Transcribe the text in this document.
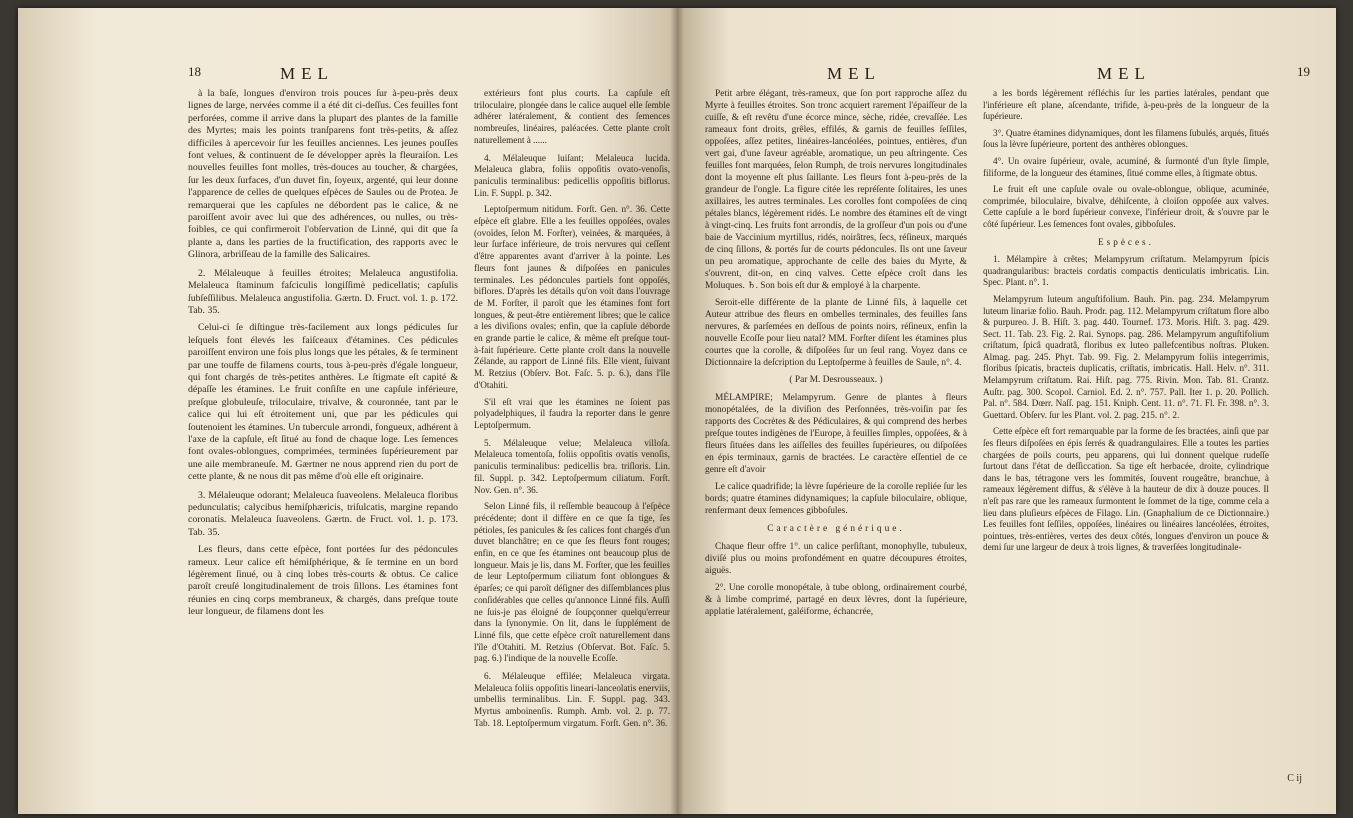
18	MEL

à la baſe, longues d'environ trois pouces ſur à-peu-près deux lignes de large, nervées comme il a été dit ci-deſſus. Ces feuilles font perforées, comme il arrive dans la plupart des plantes de la famille des Myrtes; mais les points tranſparens font très-petits, & aſſez difficiles à apercevoir ſur les feuilles anciennes. Les jeunes pouſſes font velues, & continuent de ſe développer après la fleuraiſon. Les nouvelles feuilles font molles, très-douces au toucher, & chargées, ſur les deux ſurfaces, d'un duvet fin, ſoyeux, argenté, qui leur donne l'apparence de celles de quelques eſpèces de Saules ou de Protea. Je remarquerai que les capſules ne débordent pas le calice, & ne paroiſſent avoir avec lui que des adhérences, ou nulles, ou très-foibles, ce qui confirmeroit l'obſervation de Linné, qui dit que ſa plante a, dans les parties de la fructification, des rapports avec le Glinora, arbriſſeau de la famille des Salicaires.

2. Mélaleuque à feuilles étroites; Melaleuca angustifolia. Melaleuca ſtaminum faſciculis longiſſimè pedicellatis; capſulis ſubſeſſilibus. Melaleuca angustifolia. Gærtn. D. Fruct. vol. 1. p. 172. Tab. 35.

Celui-ci ſe diſtingue très-facilement aux longs pédicules ſur leſquels font élevés les faiſceaux d'étamines. Ces pédicules paroiſſent environ une fois plus longs que les pétales, & ſe terminent par une touffe de filamens courts, tous à-peu-près d'égale longueur, qui font chargés de très-petites anthères. Le ſtigmate eſt capité & dépaſſe les étamines. Le fruit conſiſte en une capſule inférieure, preſque globuleuſe, triloculaire, trivalve, & couronnée, tant par le calice qui lui eſt étroitement uni, que par les pédicules qui ſoutenoient les étamines. Un tubercule arrondi, fongueux, adhérent à l'axe de la capſule, eſt ſitué au fond de chaque loge. Les ſemences font ovales-oblongues, comprimées, terminées ſupérieurement par une aile membraneuſe. M. Gærtner ne nous apprend rien du port de cette plante, & ne nous dit pas même d'où elle eſt originaire.

3. Mélaleuque odorant; Melaleuca ſuaveolens. Melaleuca floribus pedunculatis; calycibus hemiſphæricis, triſulcatis, margine repando coronatis. Melaleuca ſuaveolens. Gærtn. de Fruct. vol. 1. p. 173. Tab. 35.

Les fleurs, dans cette eſpèce, font portées ſur des pédoncules rameux. Leur calice eſt hémiſphérique, & ſe termine en un bord légèrement ſinué, ou à cinq lobes très-courts & obtus. Ce calice paroît creuſé longitudinalement de trois ſillons. Les étamines font réunies en cinq corps membraneux, & chargés, dans preſque toute leur longueur, de filamens dont les

extérieurs font plus courts. La capſule eſt triloculaire, plongée dans le calice auquel elle ſemble adhérer latéralement, & contient des ſemences nombreuſes, linéaires, paléacées. Cette plante croît naturellement à ......

4. Mélaleuque luiſant; Melaleuca lucida. Melaleuca glabra, foliis oppoſitis ovato-venoſis, paniculis terminalibus: pedicellis oppoſitis biflorus. Lin. F. Suppl. p. 342.

Leptoſpermum nitidum. Forſt. Gen. n°. 36. Cette eſpèce eſt glabre. Elle a les feuilles oppoſées, ovales (ovoïdes, ſelon M. Forſter), veinées, & marquées, à leur ſurface inférieure, de trois nervures qui ceſſent d'être apparentes avant d'arriver à la pointe. Les fleurs font jaunes & diſpoſées en panicules terminales. Les pédoncules partiels font oppoſés, biflores. D'après les détails qu'on voit dans l'ouvrage de M. Forſter, il paroît que les étamines font fort longues, & peut-être entièrement libres; que le calice a les diviſions ovales; enfin, que la capſule déborde en grande partie le calice, & même eſt preſque tout-à-fait ſupérieure. Cette plante croît dans la nouvelle Zélande, au rapport de Linné fils. Elle vient, ſuivant M. Retzius (Obſerv. Bot. Faſc. 5. p. 6.), dans l'île d'Otahiti.

S'il eſt vrai que les étamines ne ſoient pas polyadelphiques, il faudra la reporter dans le genre Leptoſpermum.

5. Mélaleuque velue; Melaleuca villoſa. Melaleuca tomentoſa, foliis oppoſitis ovatis venoſis, paniculis terminalibus: pedicellis bra. triſloris. Lin. fil. Suppl. p. 342. Leptoſpermum ciliatum. Forſt. Nov. Gen. n°. 36.

Selon Linné fils, il reſſemble beaucoup à l'eſpèce précédente; dont il diffère en ce que ſa tige, ſes pétioles, ſes panicules & ſes calices font chargés d'un duvet blanchâtre; en ce que ſes fleurs font rouges; enfin, en ce que ſes étamines ont beaucoup plus de longueur. Mais je lis, dans M. Forſter, que les feuilles de leur Leptoſpermum ciliatum font oblongues & éparſes; ce qui paroît déſigner des diſſemblances plus conſidérables que celles qu'annonce Linné fils. Auſſi ne ſuis-je pas éloigné de ſoupçonner quelqu'erreur dans la ſynonymie. On lit, dans le ſupplément de Linné fils, que cette eſpèce croît naturellement dans l'île d'Otahiti. M. Retzius (Obſervat. Bot. Faſc. 5. pag. 6.) l'indique de la nouvelle Ecoſſe.

6. Mélaleuque effilée; Melaleuca virgata. Melaleuca foliis oppoſitis lineari-lanceolatis enerviis, umbellis terminalibus. Lin. F. Suppl. pag. 343. Myrtus amboinenſis. Rumph. Amb. vol. 2. p. 77. Tab. 18. Leptoſpermum virgatum. Forſt. Gen. n°. 36.

MEL	MEL	19

Petit arbre élégant, très-rameux, que ſon port rapproche aſſez du Myrte à feuilles étroites. Son tronc acquiert rarement l'épaiſſeur de la cuiſſe, & eſt revêtu d'une écorce mince, sèche, ridée, crevaſſée. Les rameaux font droits, grêles, effilés, & garnis de feuilles ſeſſiles, oppoſées, aſſez petites, linéaires-lancéolées, pointues, entières, d'un vert gai, d'une ſaveur agréable, aromatique, un peu aſtringente. Ces feuilles font marquées, ſelon Rumph, de trois nervures longitudinales dont la moyenne eſt plus ſaillante. Les fleurs font à-peu-près de la grandeur de l'ongle. La figure citée les repréſente ſolitaires, les unes axillaires, les autres terminales. Les corolles font compoſées de cinq pétales blancs, légèrement ridés. Le nombre des étamines eſt de vingt à vingt-cinq. Les fruits font arrondis, de la groſſeur d'un pois ou d'une baie de Vaccinium myrtillus, ridés, noirâtres, ſecs, réſineux, marqués de cinq ſillons, & portés ſur de courts pédoncules. Ils ont une ſaveur un peu aromatique, approchante de celle des baies du Myrte, & s'ouvrent, dit-on, en cinq valves. Cette eſpèce croît dans les Moluques. ♄. Son bois eſt dur & employé à la charpente.

Seroit-elle différente de la plante de Linné fils, à laquelle cet Auteur attribue des fleurs en ombelles terminales, des feuilles ſans nervures, & parſemées en deſſous de points noirs, réſineux, enfin la nouvelle Ecoſſe pour lieu natal? MM. Forſter diſent les étamines plus courtes que la corolle, & diſpoſées ſur un ſeul rang. Voyez dans ce Dictionnaire la deſcription du Leptoſperme à feuilles de Saule, n°. 4.

( Par M. Desrousseaux. )

MÉLAMPIRE; Melampyrum. Genre de plantes à fleurs monopétalées, de la diviſion des Perſonnées, très-voiſin par ſes rapports des Cocrètes & des Pédiculaires, & qui comprend des herbes preſque toutes indigènes de l'Europe, à feuilles ſimples, oppoſées, & à fleurs ſituées dans les aiſſelles des feuilles ſupérieures, ou diſpoſées en épis terminaux, garnis de bractées. Le caractère eſſentiel de ce genre eſt d'avoir

Le calice quadrifide; la lèvre ſupérieure de la corolle repliée ſur les bords; quatre étamines didynamiques; la capſule biloculaire, oblique, renfermant deux ſemences gibboſules.

Caractère générique.

Chaque fleur offre 1°. un calice perſiſtant, monophylle, tubuleux, diviſé plus ou moins profondément en quatre découpures étroites, aiguës.

2°. Une corolle monopétale, à tube oblong, ordinairement courbé, & à limbe comprimé, partagé en deux lèvres, dont la ſupérieure, applatie latéralement, galéiforme, échancrée,

a les bords légèrement réfléchis ſur les parties latérales, pendant que l'inférieure eſt plane, aſcendante, trifide, à-peu-près de la longueur de la ſupérieure.

3°. Quatre étamines didynamiques, dont les filamens ſubulés, arqués, ſitués ſous la lèvre ſupérieure, portent des anthères oblongues.

4°. Un ovaire ſupérieur, ovale, acuminé, & ſurmonté d'un ſtyle ſimple, filiforme, de la longueur des étamines, ſitué comme elles, à ſtigmate obtus.

Le fruit eſt une capſule ovale ou ovale-oblongue, oblique, acuminée, comprimée, biloculaire, bivalve, déhiſcente, à cloiſon oppoſée aux valves. Cette capſule a le bord ſupérieur convexe, l'inférieur droit, & s'ouvre par le côté ſupérieur. Les ſemences font ovales, gibboſules.

Espèces.

1. Mélampire à crêtes; Melampyrum criſtatum. Melampyrum ſpicis quadrangularibus: bracteis cordatis compactis denticulatis imbricatis. Lin. Spec. Plant. n°. 1.

Melampyrum luteum anguſtifolium. Bauh. Pin. pag. 234. Melampyrum luteum linariæ folio. Bauh. Prodr. pag. 112. Melampyrum criſtatum flore albo & purpureo. J. B. Hiſt. 3. pag. 440. Tournef. 173. Moris. Hiſt. 3. pag. 429. Sect. 11. Tab. 23. Fig. 2. Rai. Synops. pag. 286. Melampyrum anguſtifolium criſtatum, ſpicâ quadratâ, floribus ex luteo pallefcentibus noſtras. Pluken. Almag. pag. 245. Phyt. Tab. 99. Fig. 2. Melampyrum foliis integerrimis, floribus ſpicatis, bracteis duplicatis, criſtatis, imbricatis. Hall. Helv. n°. 311. Melampyrum criſtatum. Rai. Hiſt. pag. 775. Rivin. Mon. Tab. 81. Crantz. Auſtr. pag. 300. Scopol. Carniol. Ed. 2. n°. 757. Pall. Iter 1. p. 20. Pollich. Pal. n°. 584. Dœrr. Naſſ. pag. 151. Kniph. Cent. 11. n°. 71. Fl. Fr. 398. n°. 3. Guettard. Obſerv. ſur les Plant. vol. 2. pag. 215. n°. 2.

Cette eſpèce eſt fort remarquable par la forme de ſes bractées, ainſi que par ſes fleurs diſpoſées en épis ſerrés & quadrangulaires. Elle a toutes les parties chargées de poils courts, peu apparens, qui lui donnent quelque rudeſſe ſurtout dans l'état de deſſiccation. Sa tige eſt herbacée, droite, cylindrique dans le bas, tétragone vers les ſommités, ſouvent rougeâtre, branchue, à rameaux légèrement diffus, & s'élève à la hauteur de dix à douze pouces. Il n'eſt pas rare que les rameaux ſurmontent le ſommet de la tige, comme cela a lieu dans pluſieurs eſpèces de Filago. Lin. (Gnaphalium de ce Dictionnaire.) Les feuilles font ſeſſiles, oppoſées, linéaires ou linéaires lancéolées, étroites, pointues, très-entières, vertes des deux côtés, longues d'environ un pouce & demi ſur une largeur de deux à trois lignes, & traverſées longitudinale-

C ij
